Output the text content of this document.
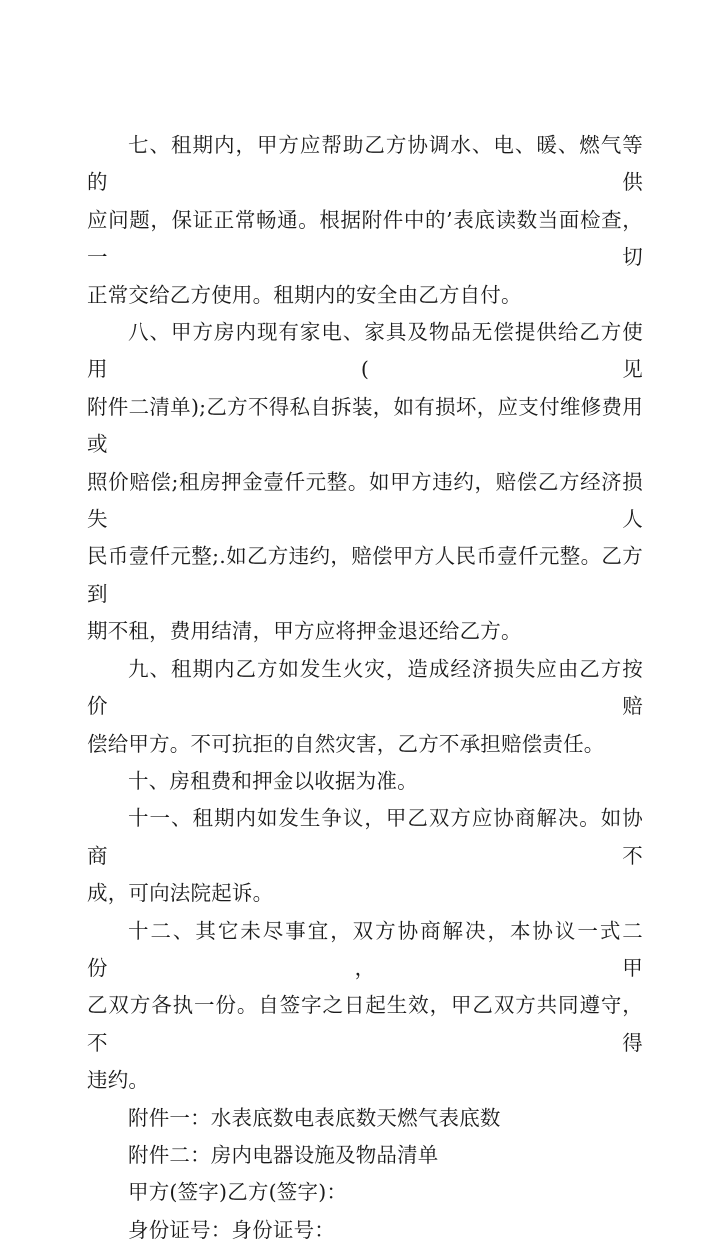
七、租期内，甲方应帮助乙方协调水、电、暖、燃气等的供
应问题，保证正常畅通。根据附件中的’表底读数当面检查，一切
正常交给乙方使用。租期内的安全由乙方自付。
八、甲方房内现有家电、家具及物品无偿提供给乙方使用(见
附件二清单);乙方不得私自拆装，如有损坏，应支付维修费用或
照价赔偿;租房押金壹仟元整。如甲方违约，赔偿乙方经济损失人
民币壹仟元整;.如乙方违约，赔偿甲方人民币壹仟元整。乙方到
期不租，费用结清，甲方应将押金退还给乙方。
九、租期内乙方如发生火灾，造成经济损失应由乙方按价赔
偿给甲方。不可抗拒的自然灾害，乙方不承担赔偿责任。
十、房租费和押金以收据为准。
十一、租期内如发生争议，甲乙双方应协商解决。如协商不
成，可向法院起诉。
十二、其它未尽事宜，双方协商解决，本协议一式二份，甲
乙双方各执一份。自签字之日起生效，甲乙双方共同遵守，不得
违约。
附件一：水表底数电表底数天燃气表底数
附件二：房内电器设施及物品清单
甲方(签字)乙方(签字)：
身份证号：身份证号：
